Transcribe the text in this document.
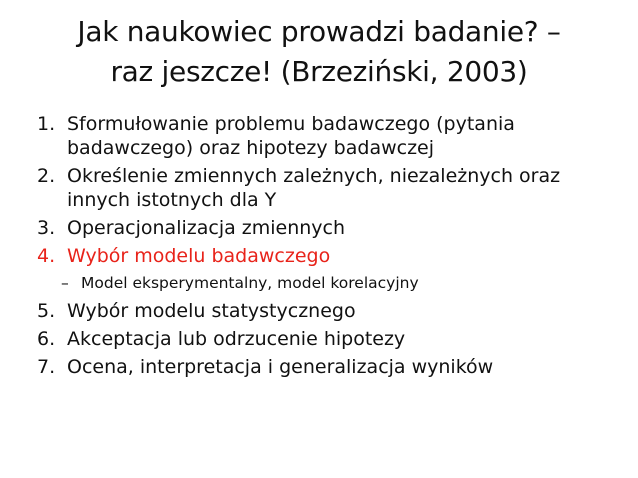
Jak naukowiec prowadzi badanie? –
raz jeszcze! (Brzeziński, 2003)
1. Sformułowanie problemu badawczego (pytania badawczego) oraz hipotezy badawczej
2. Określenie zmiennych zależnych, niezależnych oraz innych istotnych dla Y
3. Operacjonalizacja zmiennych
4. Wybór modelu badawczego
– Model eksperymentalny, model korelacyjny
5. Wybór modelu statystycznego
6. Akceptacja lub odrzucenie hipotezy
7. Ocena, interpretacja i generalizacja wyników
